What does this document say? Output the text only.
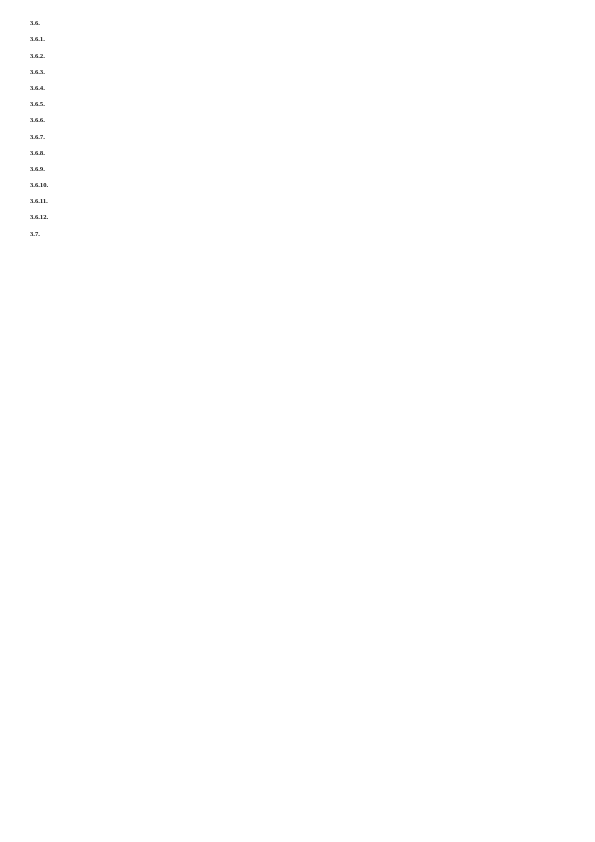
3.6.

3.6.1.

3.6.2.

3.6.3.

3.6.4.

3.6.5.

3.6.6.

3.6.7.

3.6.8.

3.6.9.

3.6.10.

3.6.11.

3.6.12.

3.7.
